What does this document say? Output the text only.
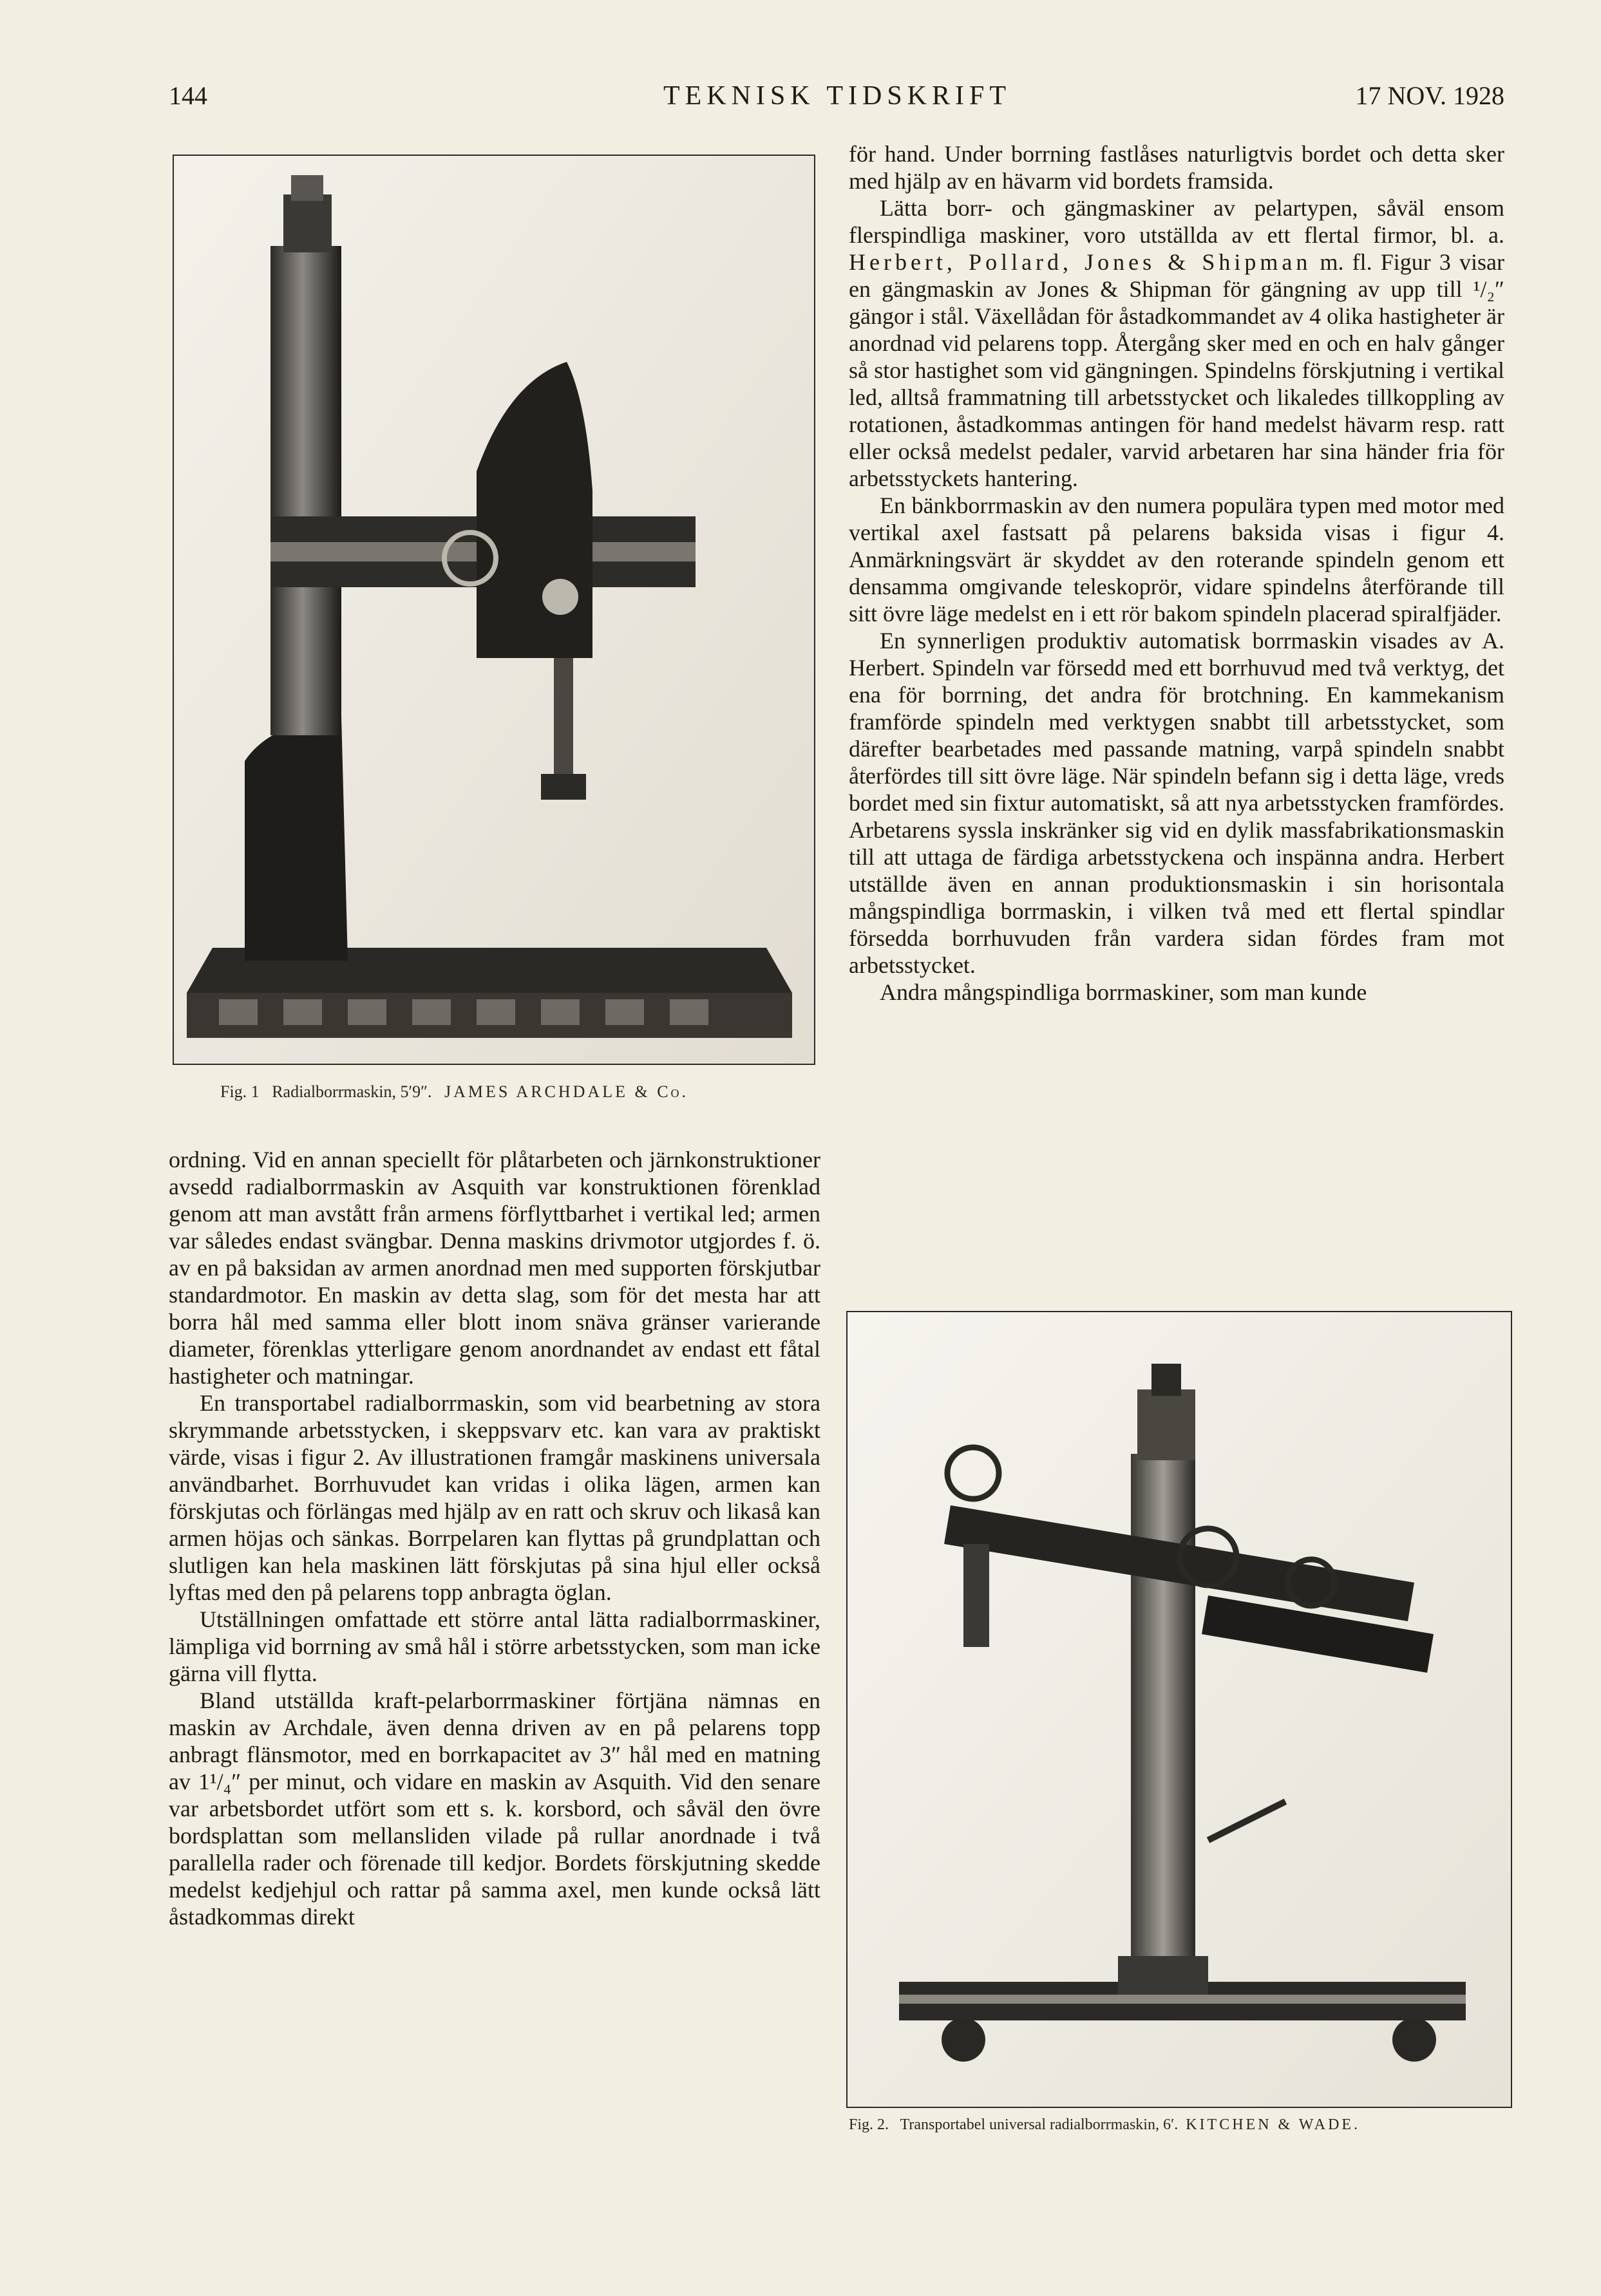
144	TEKNISK TIDSKRIFT	17 NOV. 1928
Fig. 1 Radialborrmaskin, 5′9″. JAMES ARCHDALE & Co.

ordning. Vid en annan speciellt för plåtarbeten och järnkonstruktioner avsedd radialborrmaskin av Asquith var konstruktionen förenklad genom att man avstått från armens förflyttbarhet i vertikal led; armen var således endast svängbar. Denna maskins drivmotor utgjordes f. ö. av en på baksidan av armen anordnad men med supporten förskjutbar standardmotor. En maskin av detta slag, som för det mesta har att borra hål med samma eller blott inom snäva gränser varierande diameter, förenklas ytterligare genom anordnandet av endast ett fåtal hastigheter och matningar.

En transportabel radialborrmaskin, som vid bearbetning av stora skrymmande arbetsstycken, i skeppsvarv etc. kan vara av praktiskt värde, visas i figur 2. Av illustrationen framgår maskinens universala användbarhet. Borrhuvudet kan vridas i olika lägen, armen kan förskjutas och förlängas med hjälp av en ratt och skruv och likaså kan armen höjas och sänkas. Borrpelaren kan flyttas på grundplattan och slutligen kan hela maskinen lätt förskjutas på sina hjul eller också lyftas med den på pelarens topp anbragta öglan.

Utställningen omfattade ett större antal lätta radialborrmaskiner, lämpliga vid borrning av små hål i större arbetsstycken, som man icke gärna vill flytta.

Bland utställda kraft-pelarborrmaskiner förtjäna nämnas en maskin av Archdale, även denna driven av en på pelarens topp anbragt flänsmotor, med en borrkapacitet av 3″ hål med en matning av 1¹/₄″ per minut, och vidare en maskin av Asquith. Vid den senare var arbetsbordet utfört som ett s. k. korsbord, och såväl den övre bordsplattan som mellansliden vilade på rullar anordnade i två parallella rader och förenade till kedjor. Bordets förskjutning skedde medelst kedjehjul och rattar på samma axel, men kunde också lätt åstadkommas direkt

för hand. Under borrning fastlåses naturligtvis bordet och detta sker med hjälp av en hävarm vid bordets framsida.

Lätta borr- och gängmaskiner av pelartypen, såväl ensom flerspindliga maskiner, voro utställda av ett flertal firmor, bl. a. Herbert, Pollard, Jones & Shipman m. fl. Figur 3 visar en gängmaskin av Jones & Shipman för gängning av upp till ¹/₂″ gängor i stål. Växellådan för åstadkommandet av 4 olika hastigheter är anordnad vid pelarens topp. Återgång sker med en och en halv gånger så stor hastighet som vid gängningen. Spindelns förskjutning i vertikal led, alltså frammatning till arbetsstycket och likaledes tillkoppling av rotationen, åstadkommas antingen för hand medelst hävarm resp. ratt eller också medelst pedaler, varvid arbetaren har sina händer fria för arbetsstyckets hantering.

En bänkborrmaskin av den numera populära typen med motor med vertikal axel fastsatt på pelarens baksida visas i figur 4. Anmärkningsvärt är skyddet av den roterande spindeln genom ett densamma omgivande teleskoprör, vidare spindelns återförande till sitt övre läge medelst en i ett rör bakom spindeln placerad spiralfjäder.

En synnerligen produktiv automatisk borrmaskin visades av A. Herbert. Spindeln var försedd med ett borrhuvud med två verktyg, det ena för borrning, det andra för brotchning. En kammekanism framförde spindeln med verktygen snabbt till arbetsstycket, som därefter bearbetades med passande matning, varpå spindeln snabbt återfördes till sitt övre läge. När spindeln befann sig i detta läge, vreds bordet med sin fixtur automatiskt, så att nya arbetsstycken framfördes. Arbetarens syssla inskränker sig vid en dylik massfabrikationsmaskin till att uttaga de färdiga arbetsstyckena och inspänna andra. Herbert utställde även en annan produktionsmaskin i sin horisontala mångspindliga borrmaskin, i vilken två med ett flertal spindlar försedda borrhuvuden från vardera sidan fördes fram mot arbetsstycket.

Andra mångspindliga borrmaskiner, som man kunde

Fig. 2. Transportabel universal radialborrmaskin, 6′. KITCHEN & WADE.
